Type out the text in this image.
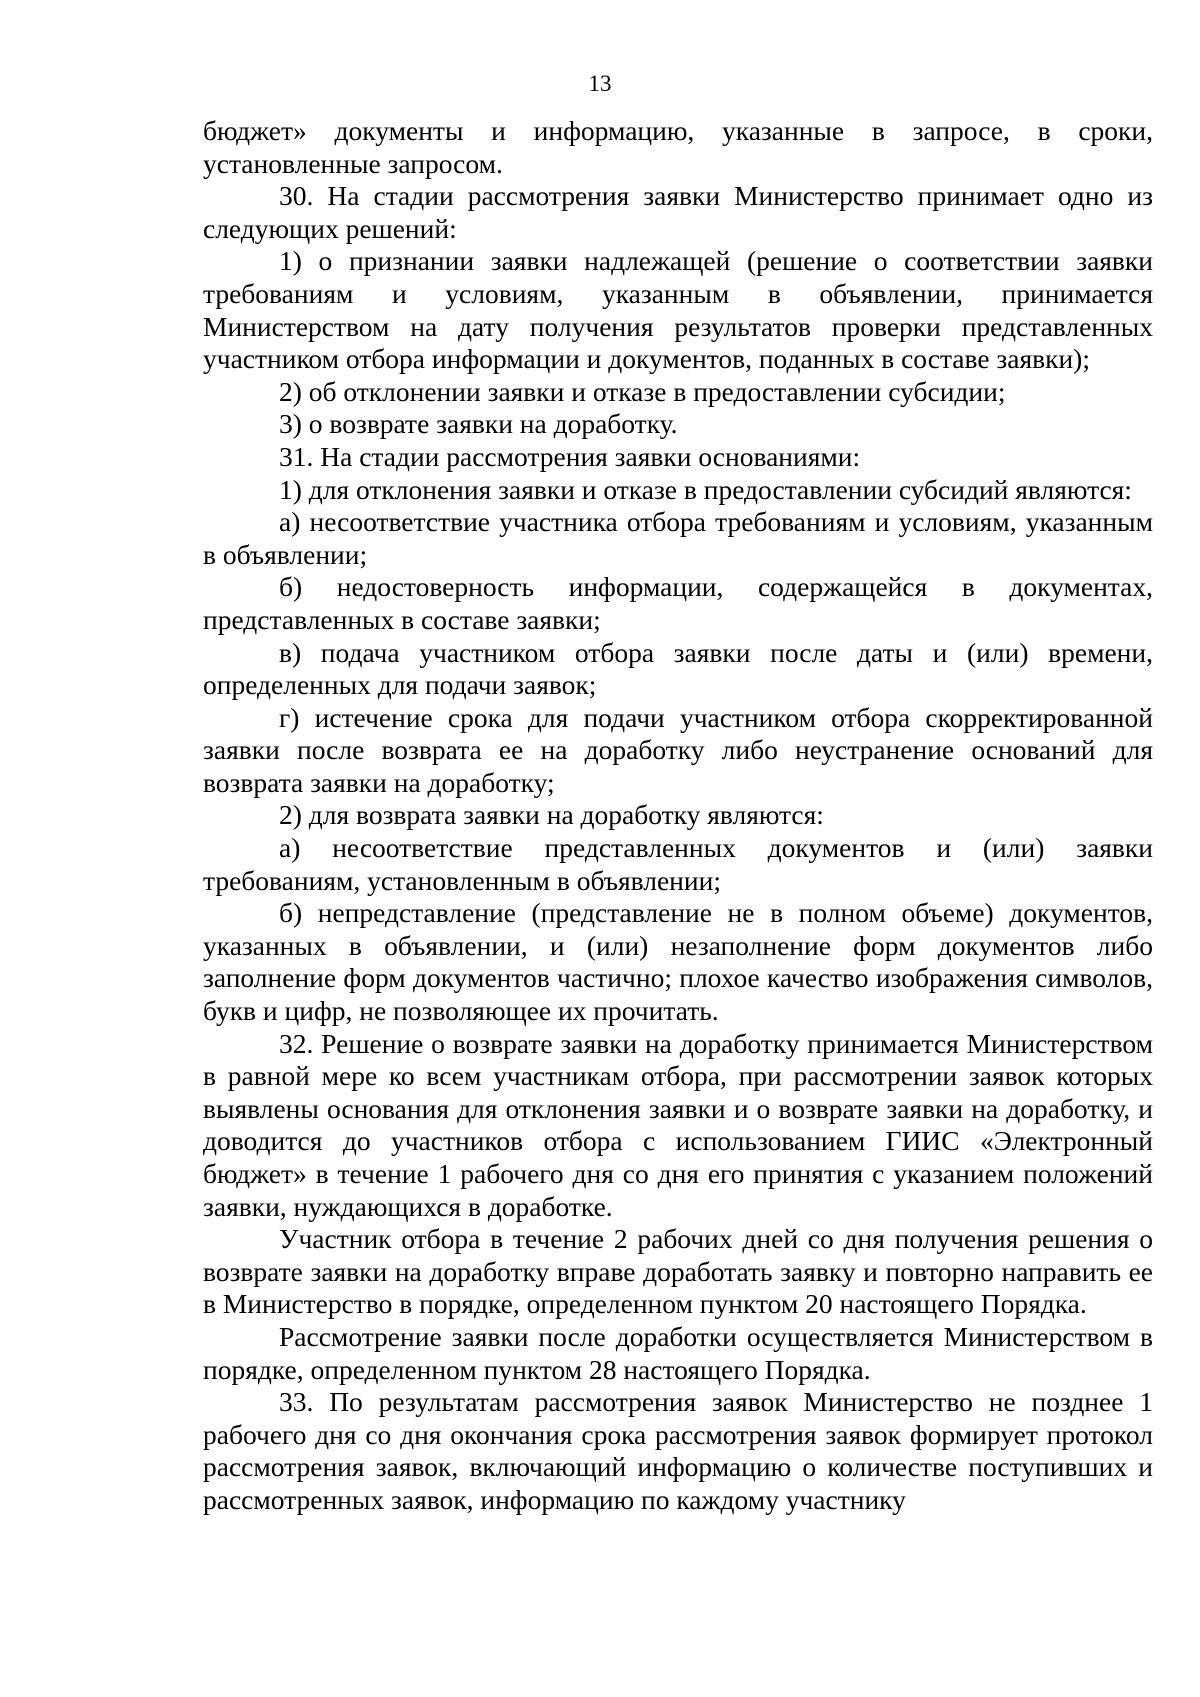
13

бюджет» документы и информацию, указанные в запросе, в сроки, установленные запросом.

30. На стадии рассмотрения заявки Министерство принимает одно из следующих решений:

1) о признании заявки надлежащей (решение о соответствии заявки требованиям и условиям, указанным в объявлении, принимается Министерством на дату получения результатов проверки представленных участником отбора информации и документов, поданных в составе заявки);

2) об отклонении заявки и отказе в предоставлении субсидии;

3) о возврате заявки на доработку.

31. На стадии рассмотрения заявки основаниями:

1) для отклонения заявки и отказе в предоставлении субсидий являются:

а) несоответствие участника отбора требованиям и условиям, указанным в объявлении;

б) недостоверность информации, содержащейся в документах, представленных в составе заявки;

в) подача участником отбора заявки после даты и (или) времени, определенных для подачи заявок;

г) истечение срока для подачи участником отбора скорректированной заявки после возврата ее на доработку либо неустранение оснований для возврата заявки на доработку;

2) для возврата заявки на доработку являются:

а) несоответствие представленных документов и (или) заявки требованиям, установленным в объявлении;

б) непредставление (представление не в полном объеме) документов, указанных в объявлении, и (или) незаполнение форм документов либо заполнение форм документов частично; плохое качество изображения символов, букв и цифр, не позволяющее их прочитать.

32. Решение о возврате заявки на доработку принимается Министерством в равной мере ко всем участникам отбора, при рассмотрении заявок которых выявлены основания для отклонения заявки и о возврате заявки на доработку, и доводится до участников отбора с использованием ГИИС «Электронный бюджет» в течение 1 рабочего дня со дня его принятия с указанием положений заявки, нуждающихся в доработке.

Участник отбора в течение 2 рабочих дней со дня получения решения о возврате заявки на доработку вправе доработать заявку и повторно направить ее в Министерство в порядке, определенном пунктом 20 настоящего Порядка.

Рассмотрение заявки после доработки осуществляется Министерством в порядке, определенном пунктом 28 настоящего Порядка.

33. По результатам рассмотрения заявок Министерство не позднее 1 рабочего дня со дня окончания срока рассмотрения заявок формирует протокол рассмотрения заявок, включающий информацию о количестве поступивших и рассмотренных заявок, информацию по каждому участнику
